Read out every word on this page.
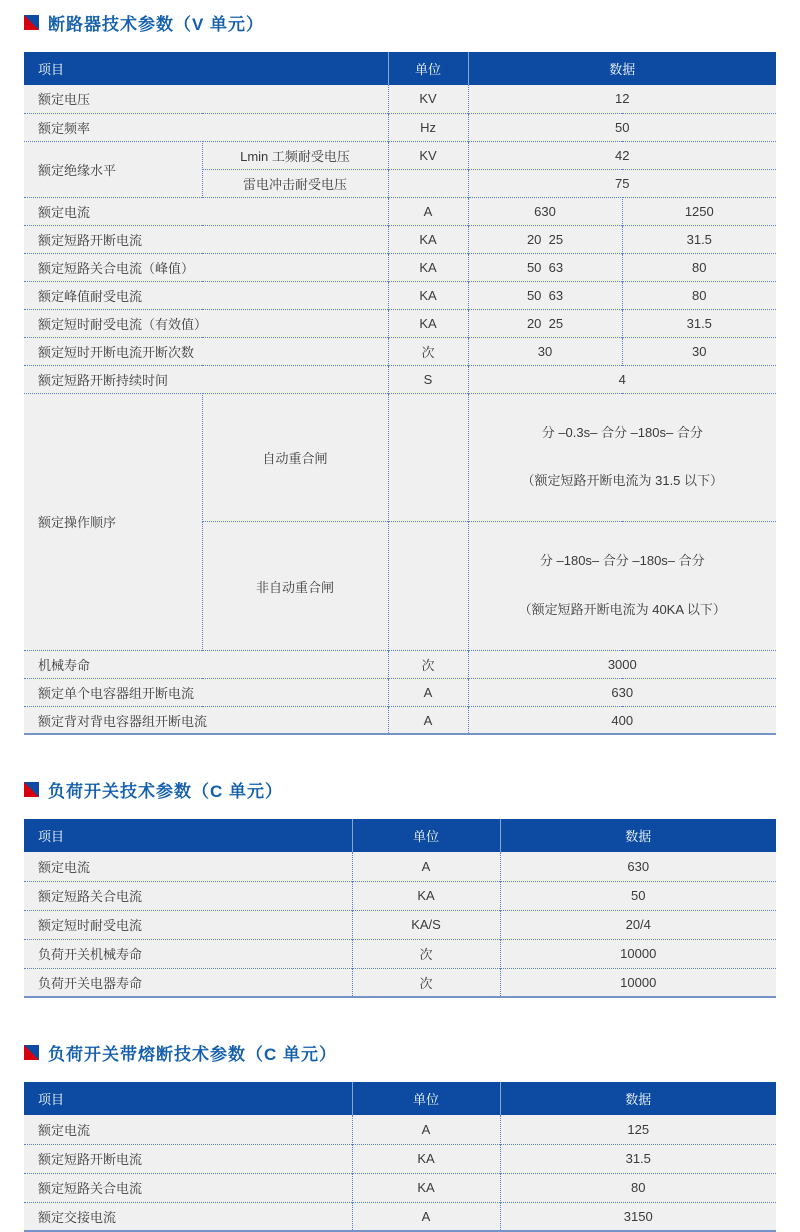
断路器技术参数（V 单元）
项目		单位	数据	
额定电压		KV	12	
额定频率		Hz	50	
额定绝缘水平	Lmin 工频耐受电压	KV	42	
	雷电冲击耐受电压		75	
额定电流		A	630	1250
额定短路开断电流		KA	20  25	31.5
额定短路关合电流（峰值）		KA	50  63	80
额定峰值耐受电流		KA	50  63	80
额定短时耐受电流（有效值）		KA	20  25	31.5
额定短时开断电流开断次数		次	30	30
额定短路开断持续时间		S	4	
额定操作顺序	自动重合闸		分 –0.3s– 合分 –180s– 合分

（额定短路开断电流为 31.5 以下）	

	非自动重合闸		分 –180s– 合分 –180s– 合分

（额定短路开断电流为 40KA 以下）	

机械寿命		次	3000	
额定单个电容器组开断电流		A	630	
额定背对背电容器组开断电流		A	400	
负荷开关技术参数（C 单元）
项目	单位	数据
额定电流	A	630
额定短路关合电流	KA	50
额定短时耐受电流	KA/S	20/4
负荷开关机械寿命	次	10000
负荷开关电器寿命	次	10000
负荷开关带熔断技术参数（C 单元）
项目	单位	数据
额定电流	A	125
额定短路开断电流	KA	31.5
额定短路关合电流	KA	80
额定交接电流	A	3150
